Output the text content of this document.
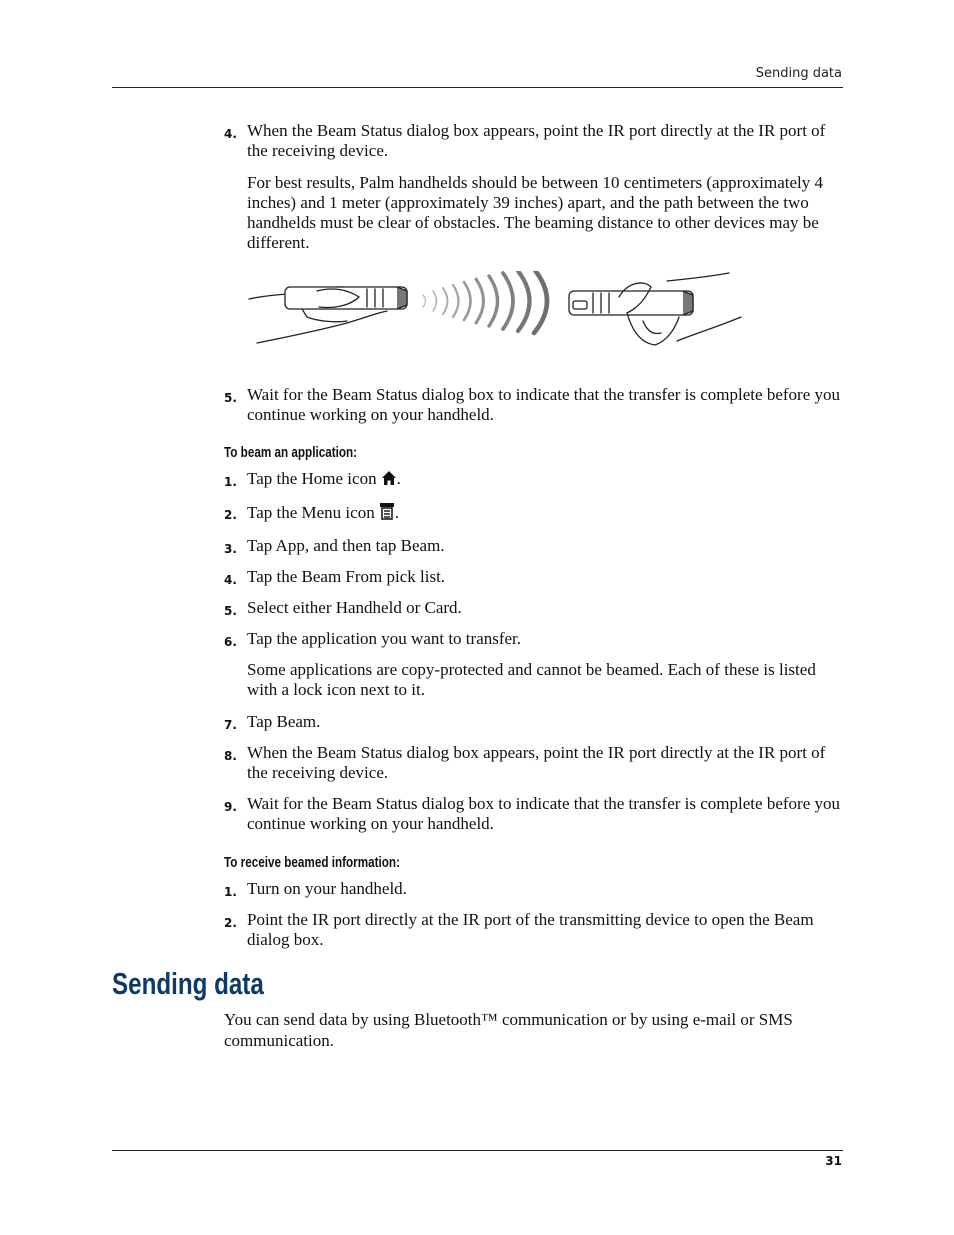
Sending data
4. When the Beam Status dialog box appears, point the IR port directly at the IR port of the receiving device.
For best results, Palm handhelds should be between 10 centimeters (approximately 4 inches) and 1 meter (approximately 39 inches) apart, and the path between the two handhelds must be clear of obstacles. The beaming distance to other devices may be different.
5. Wait for the Beam Status dialog box to indicate that the transfer is complete before you continue working on your handheld.
To beam an application:
1. Tap the Home icon .
2. Tap the Menu icon .
3. Tap App, and then tap Beam.
4. Tap the Beam From pick list.
5. Select either Handheld or Card.
6. Tap the application you want to transfer.
Some applications are copy-protected and cannot be beamed. Each of these is listed with a lock icon next to it.
7. Tap Beam.
8. When the Beam Status dialog box appears, point the IR port directly at the IR port of the receiving device.
9. Wait for the Beam Status dialog box to indicate that the transfer is complete before you continue working on your handheld.
To receive beamed information:
1. Turn on your handheld.
2. Point the IR port directly at the IR port of the transmitting device to open the Beam dialog box.
Sending data
You can send data by using Bluetooth™ communication or by using e-mail or SMS communication.
31
